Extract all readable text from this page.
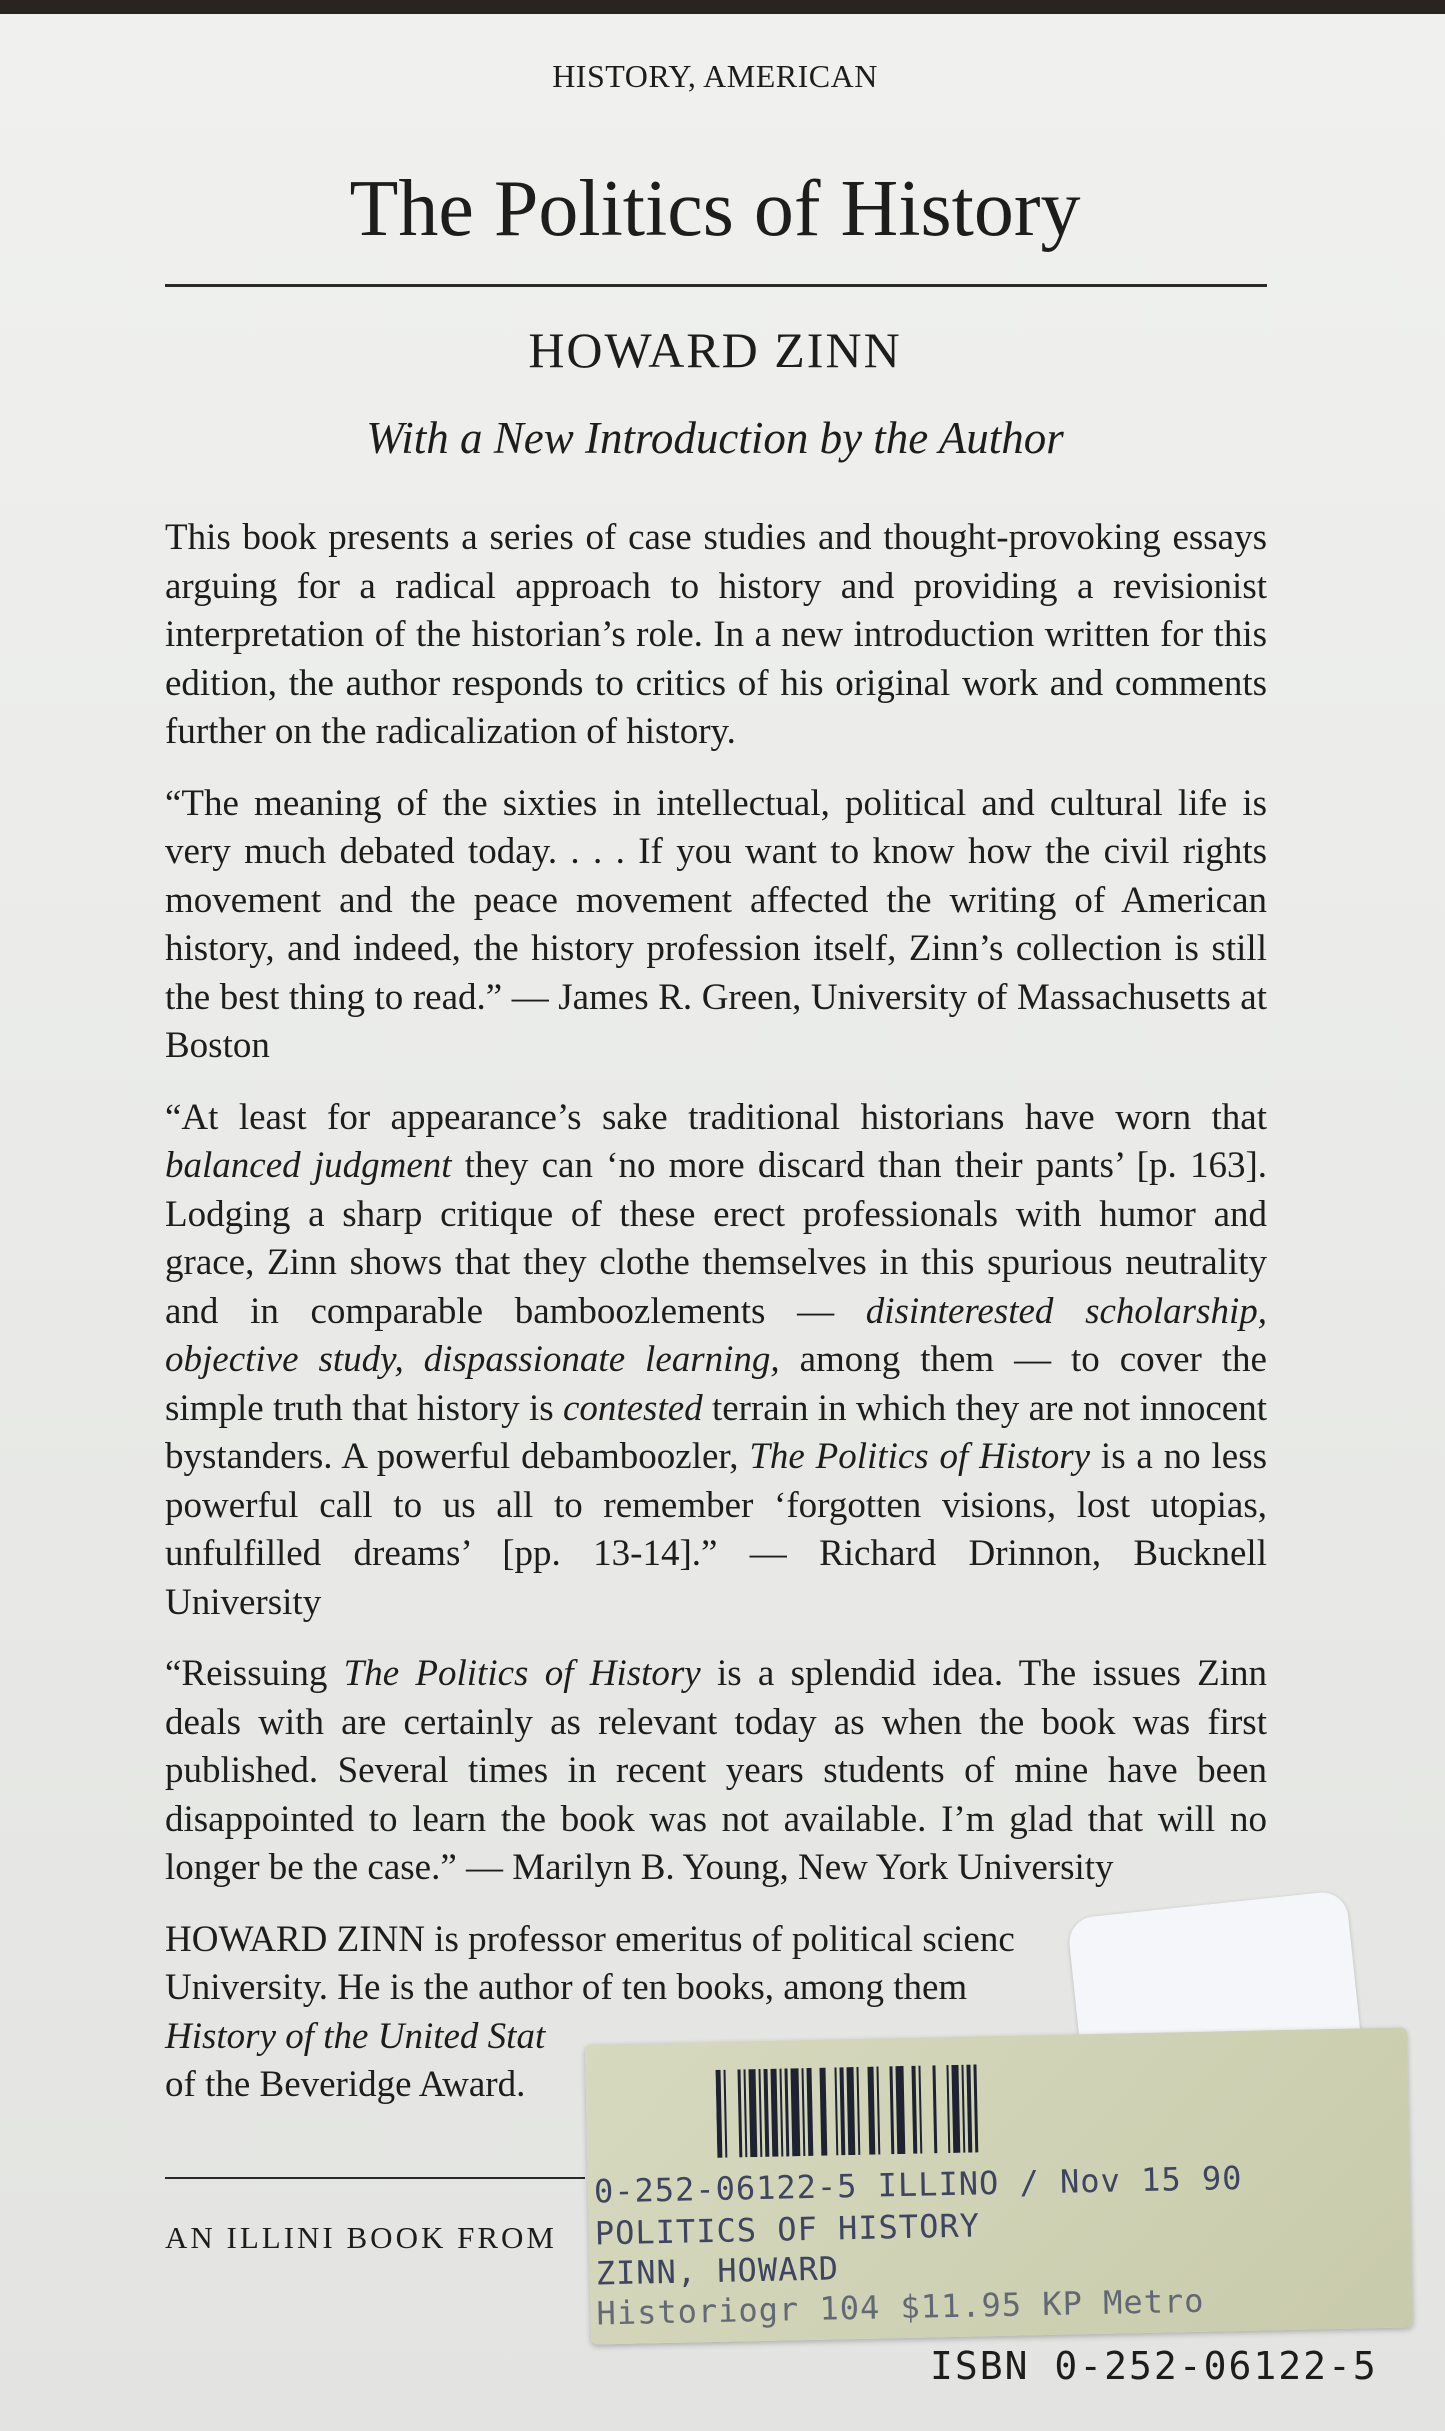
HISTORY, AMERICAN
The Politics of History
HOWARD ZINN
With a New Introduction by the Author

This book presents a series of case studies and thought-provoking essays arguing for a radical approach to history and providing a revisionist interpretation of the historian’s role. In a new introduction written for this edition, the author responds to critics of his original work and comments further on the radicalization of history.

“The meaning of the sixties in intellectual, political and cultural life is very much debated today. . . . If you want to know how the civil rights movement and the peace movement affected the writing of American history, and indeed, the history profession itself, Zinn’s collection is still the best thing to read.” — James R. Green, University of Massachusetts at Boston

“At least for appearance’s sake traditional historians have worn that balanced judgment they can ‘no more discard than their pants’ [p. 163]. Lodging a sharp critique of these erect professionals with humor and grace, Zinn shows that they clothe themselves in this spurious neutrality and in comparable bamboozlements — disinterested scholarship, objective study, dispassionate learning, among them — to cover the simple truth that history is contested terrain in which they are not innocent bystanders. A powerful debamboozler, The Politics of History is a no less powerful call to us all to remember ‘forgotten visions, lost utopias, unfulfilled dreams’ [pp. 13-14].” — Richard Drinnon, Bucknell University

“Reissuing The Politics of History is a splendid idea. The issues Zinn deals with are certainly as relevant today as when the book was first published. Several times in recent years students of mine have been disappointed to learn the book was not available. I’m glad that will no longer be the case.” — Marilyn B. Young, New York University

HOWARD ZINN is professor emeritus of political scienc
University. He is the author of ten books, among them
History of the United Stat
of the Beveridge Award.

AN ILLINI BOOK FROM
0-252-06122-5 ILLINO / Nov 15 90
POLITICS OF HISTORY
ZINN, HOWARD
Historiogr 104 $11.95 KP Metro
ISBN 0-252-06122-5
